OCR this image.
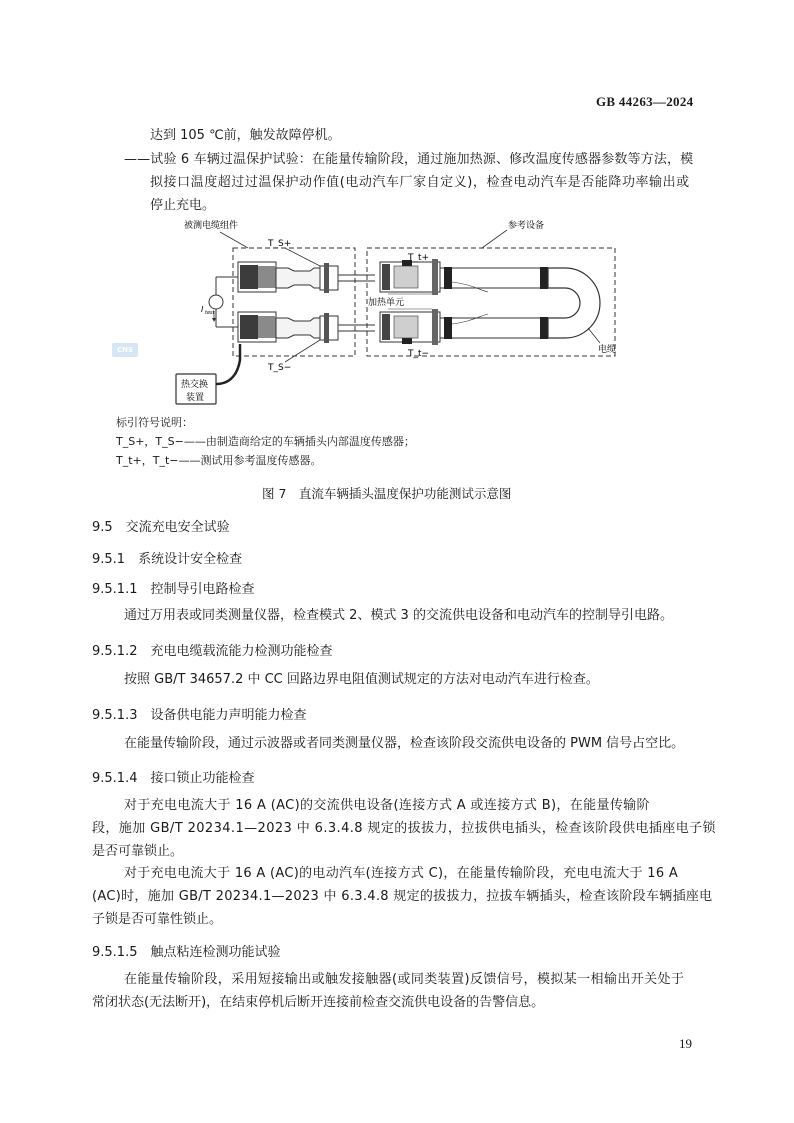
GB 44263—2024
达到 105 ℃前，触发故障停机。
——试验 6 车辆过温保护试验：在能量传输阶段，通过施加热源、修改温度传感器参数等方法，模
拟接口温度超过过温保护动作值(电动汽车厂家自定义)，检查电动汽车是否能降功率输出或
停止充电。
CNS
被测电缆组件	参考设备
T_S+
T_S−
I test
热交换
装置
加热单元
T_t+
T_t−	电缆
标引符号说明：
T_S+，T_S−——由制造商给定的车辆插头内部温度传感器；
T_t+，T_t−——测试用参考温度传感器。
图 7　直流车辆插头温度保护功能测试示意图
9.5　交流充电安全试验
9.5.1　系统设计安全检查
9.5.1.1　控制导引电路检查
通过万用表或同类测量仪器，检查模式 2、模式 3 的交流供电设备和电动汽车的控制导引电路。
9.5.1.2　充电电缆载流能力检测功能检查
按照 GB/T 34657.2 中 CC 回路边界电阻值测试规定的方法对电动汽车进行检查。
9.5.1.3　设备供电能力声明能力检查
在能量传输阶段，通过示波器或者同类测量仪器，检查该阶段交流供电设备的 PWM 信号占空比。
9.5.1.4　接口锁止功能检查
对于充电电流大于 16 A (AC)的交流供电设备(连接方式 A 或连接方式 B)，在能量传输阶
段，施加 GB/T 20234.1—2023 中 6.3.4.8 规定的拔拔力，拉拔供电插头，检查该阶段供电插座电子锁
是否可靠锁止。
对于充电电流大于 16 A (AC)的电动汽车(连接方式 C)，在能量传输阶段，充电电流大于 16 A
(AC)时，施加 GB/T 20234.1—2023 中 6.3.4.8 规定的拔拔力，拉拔车辆插头，检查该阶段车辆插座电
子锁是否可靠性锁止。
9.5.1.5　触点粘连检测功能试验
在能量传输阶段，采用短接输出或触发接触器(或同类装置)反馈信号，模拟某一相输出开关处于
常闭状态(无法断开)，在结束停机后断开连接前检查交流供电设备的告警信息。
19
